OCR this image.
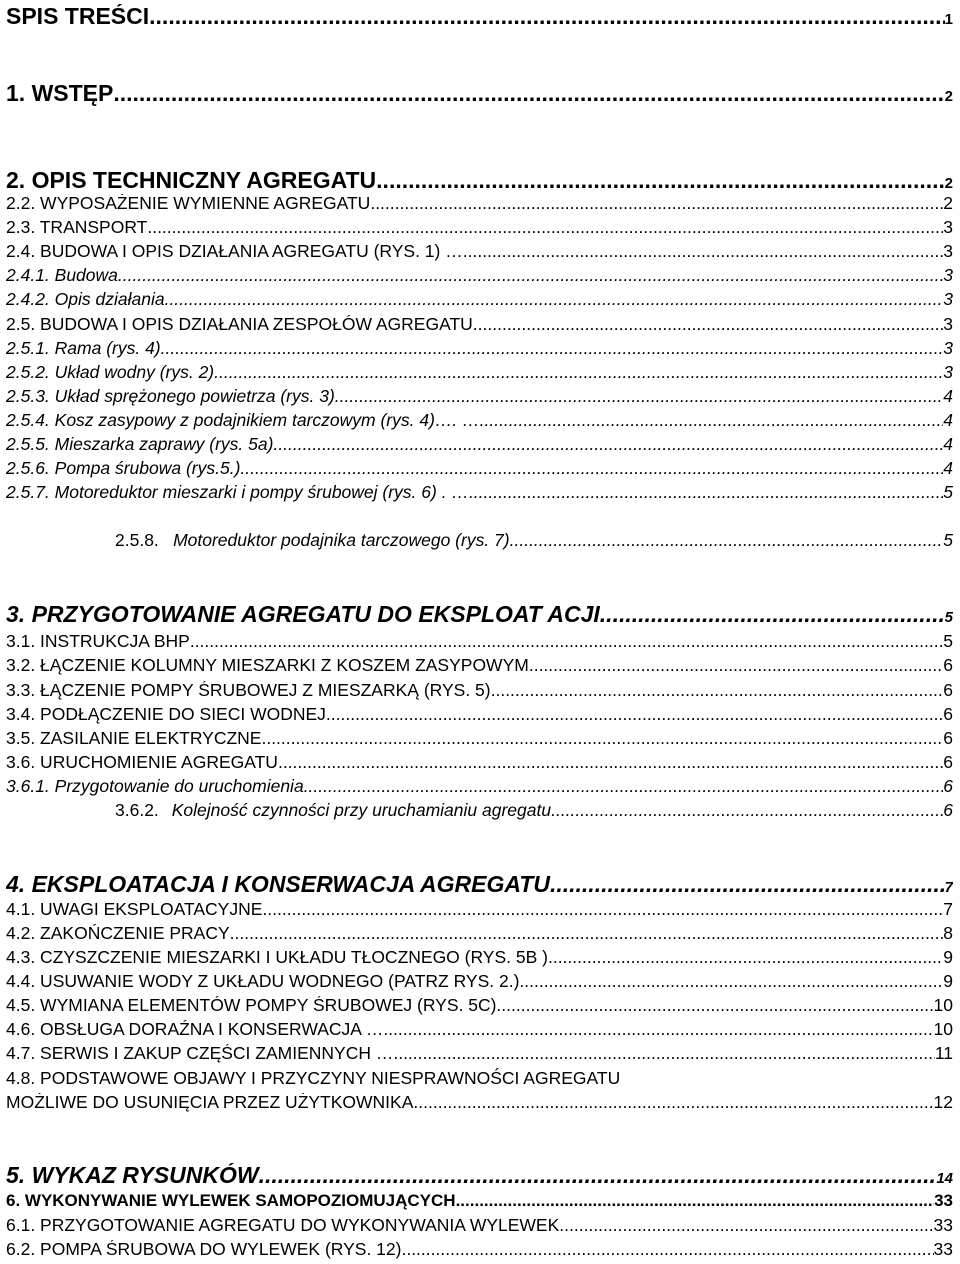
SPIS TREŚCI .....	1
1. WSTĘP .....	2
2. OPIS TECHNICZNY AGREGATU .....	2
2.2. WYPOSAŻENIE WYMIENNE AGREGATU .....	2
2.3. TRANSPORT .....	3
2.4. BUDOWA I OPIS DZIAŁANIA AGREGATU (RYS. 1) … .....	3
2.4.1. Budowa .....	3
2.4.2. Opis działania .....	3
2.5. BUDOWA I OPIS DZIAŁANIA ZESPOŁÓW AGREGATU .....	3
2.5.1. Rama (rys. 4) .....	3
2.5.2. Układ wodny (rys. 2) .....	3
2.5.3. Układ sprężonego powietrza (rys. 3) .....	4
2.5.4. Kosz zasypowy z podajnikiem tarczowym (rys. 4)…. … .....	4
2.5.5. Mieszarka zaprawy (rys. 5a) .....	4
2.5.6. Pompa śrubowa (rys.5.) .....	4
2.5.7. Motoreduktor mieszarki i pompy śrubowej (rys. 6) . … .....	5
2.5.8. Motoreduktor podajnika tarczowego (rys. 7) .....	5
3. PRZYGOTOWANIE AGREGATU DO EKSPLOAT ACJI .....	5
3.1. INSTRUKCJA BHP .....	5
3.2. ŁĄCZENIE KOLUMNY MIESZARKI Z KOSZEM ZASYPOWYM .....	6
3.3. ŁĄCZENIE POMPY ŚRUBOWEJ Z MIESZARKĄ (RYS. 5) .....	6
3.4. PODŁĄCZENIE DO SIECI WODNEJ .....	6
3.5. ZASILANIE ELEKTRYCZNE .....	6
3.6. URUCHOMIENIE AGREGATU .....	6
3.6.1. Przygotowanie do uruchomienia .....	6
3.6.2. Kolejność czynności przy uruchamianiu agregatu .....	6
4. EKSPLOATACJA I KONSERWACJA AGREGATU .....	7
4.1. UWAGI EKSPLOATACYJNE .....	7
4.2. ZAKOŃCZENIE PRACY .....	8
4.3. CZYSZCZENIE MIESZARKI I UKŁADU TŁOCZNEGO (RYS. 5B ) .....	9
4.4. USUWANIE WODY Z UKŁADU WODNEGO (PATRZ RYS. 2.) .....	9
4.5. WYMIANA ELEMENTÓW POMPY ŚRUBOWEJ (RYS. 5C) .....	10
4.6. OBSŁUGA DORAŹNA I KONSERWACJA … .....	10
4.7. SERWIS I ZAKUP CZĘŚCI ZAMIENNYCH … .....	11
4.8. PODSTAWOWE OBJAWY I PRZYCZYNY NIESPRAWNOŚCI AGREGATU
MOŻLIWE DO USUNIĘCIA PRZEZ UŻYTKOWNIKA .....	12
5. WYKAZ RYSUNKÓW .....	14
6. WYKONYWANIE WYLEWEK SAMOPOZIOMUJĄCYCH .....	33
6.1. PRZYGOTOWANIE AGREGATU DO WYKONYWANIA WYLEWEK .....	33
6.2. POMPA ŚRUBOWA DO WYLEWEK (RYS. 12) .....	33
